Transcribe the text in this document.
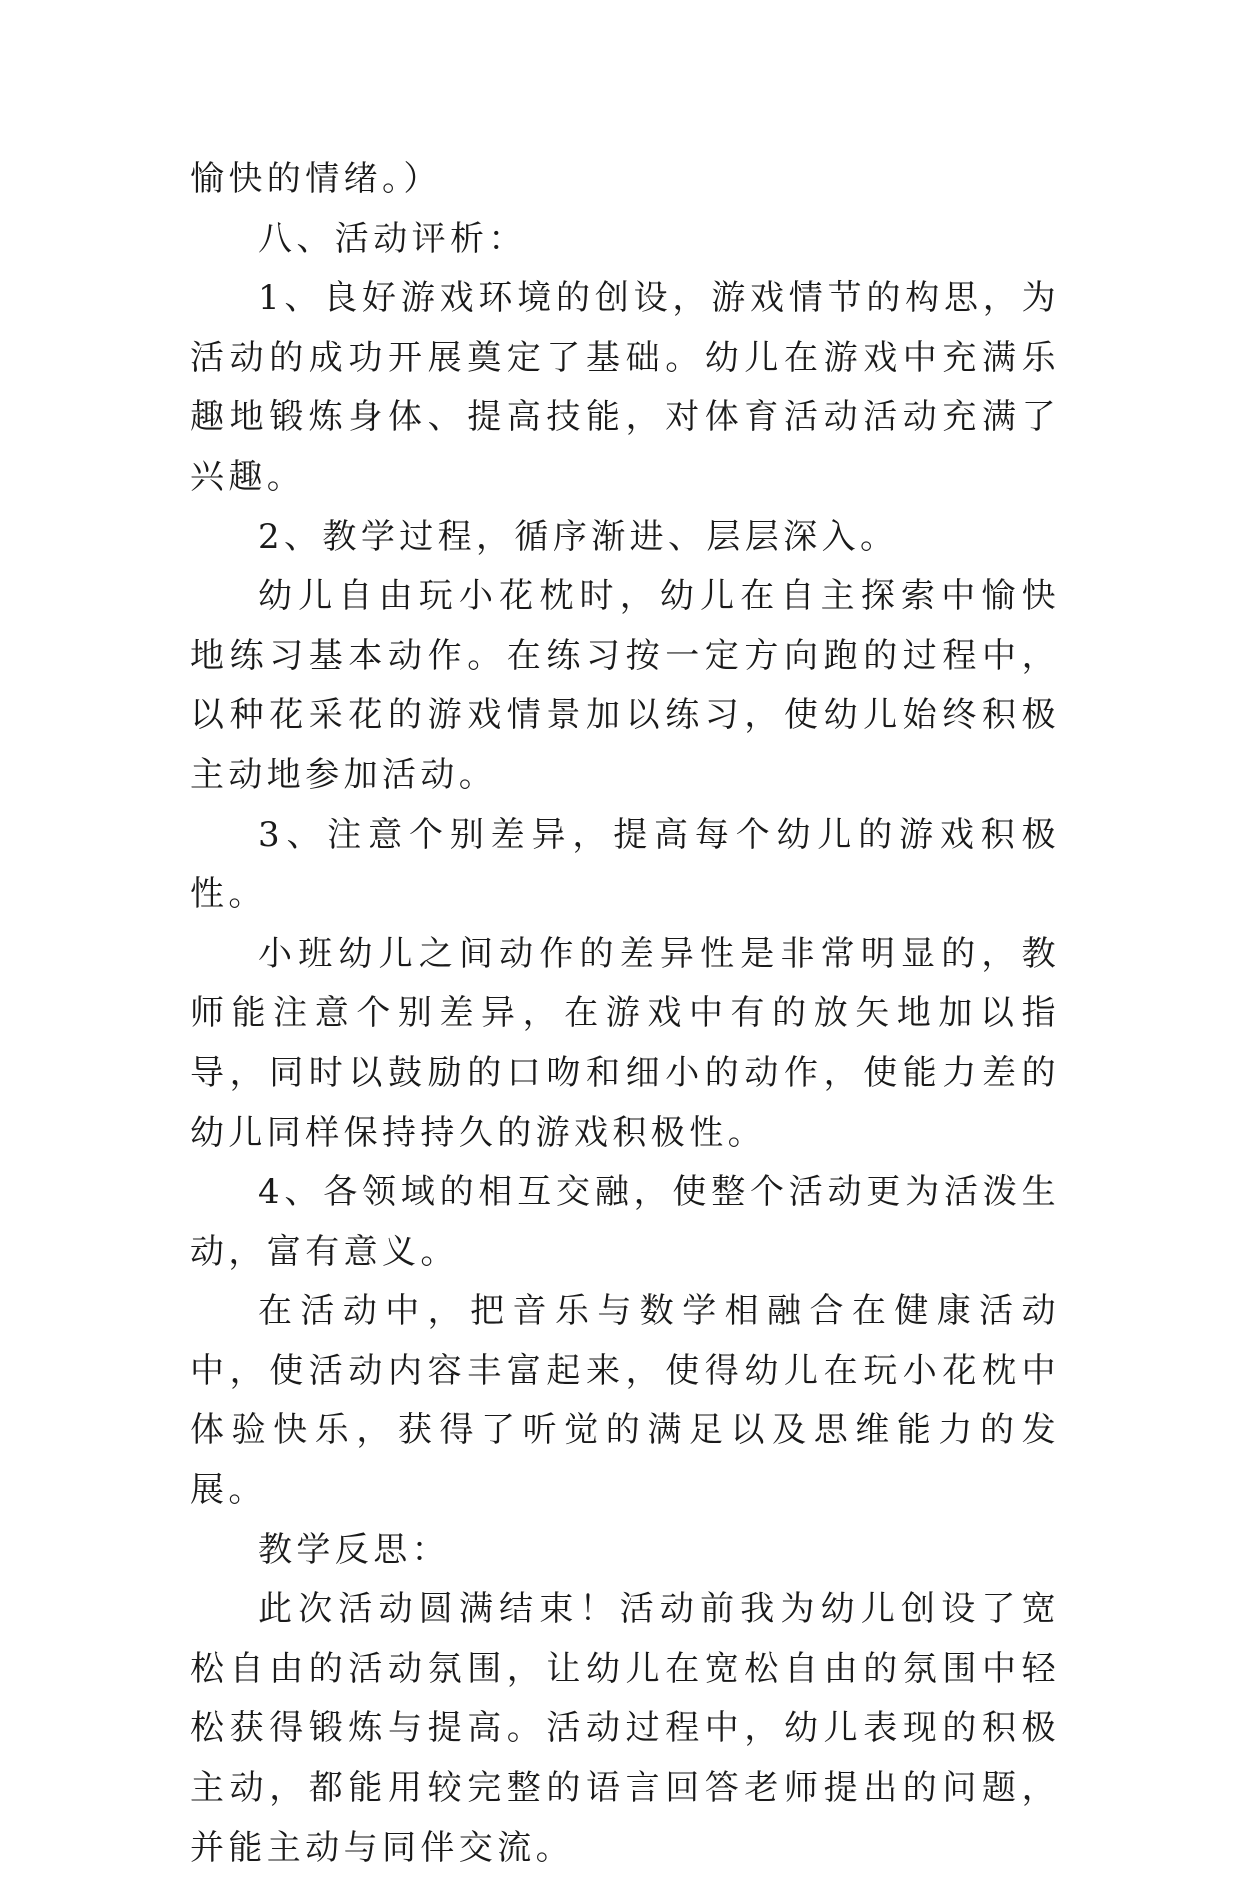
愉快的情绪。）

八、活动评析：

1、良好游戏环境的创设，游戏情节的构思，为活动的成功开展奠定了基础。幼儿在游戏中充满乐趣地锻炼身体、提高技能，对体育活动活动充满了兴趣。

2、教学过程，循序渐进、层层深入。

幼儿自由玩小花枕时，幼儿在自主探索中愉快地练习基本动作。在练习按一定方向跑的过程中，以种花采花的游戏情景加以练习，使幼儿始终积极主动地参加活动。

3、注意个别差异，提高每个幼儿的游戏积极性。

小班幼儿之间动作的差异性是非常明显的，教师能注意个别差异，在游戏中有的放矢地加以指导，同时以鼓励的口吻和细小的动作，使能力差的幼儿同样保持持久的游戏积极性。

4、各领域的相互交融，使整个活动更为活泼生动，富有意义。

在活动中，把音乐与数学相融合在健康活动中，使活动内容丰富起来，使得幼儿在玩小花枕中体验快乐，获得了听觉的满足以及思维能力的发展。

教学反思：

此次活动圆满结束！活动前我为幼儿创设了宽松自由的活动氛围，让幼儿在宽松自由的氛围中轻松获得锻炼与提高。活动过程中，幼儿表现的积极主动，都能用较完整的语言回答老师提出的问题，并能主动与同伴交流。
